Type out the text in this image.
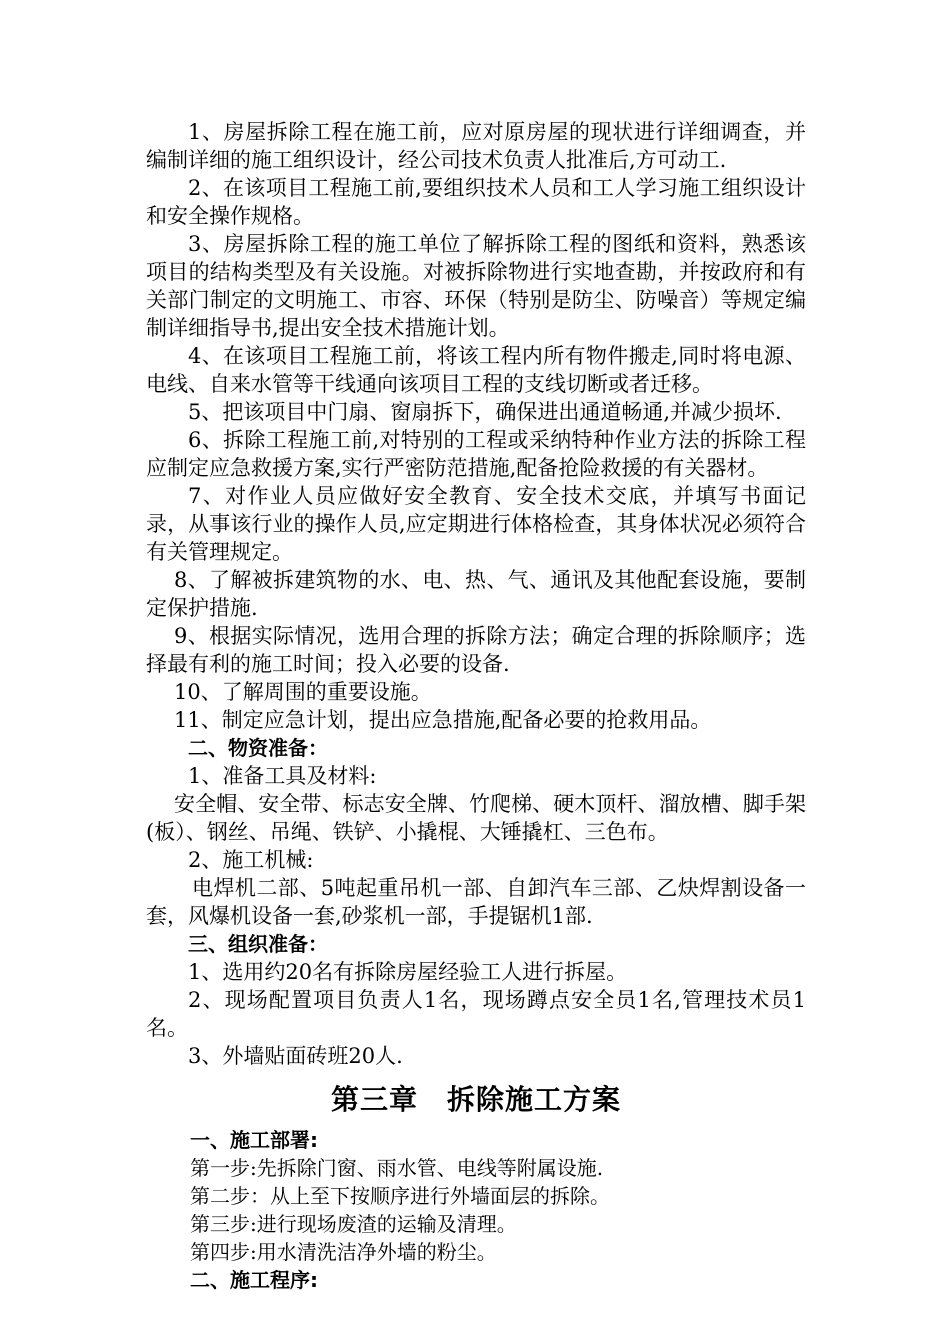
1、房屋拆除工程在施工前，应对原房屋的现状进行详细调查，并编制详细的施工组织设计，经公司技术负责人批准后,方可动工.

2、在该项目工程施工前,要组织技术人员和工人学习施工组织设计和安全操作规格。

3、房屋拆除工程的施工单位了解拆除工程的图纸和资料，熟悉该项目的结构类型及有关设施。对被拆除物进行实地查勘，并按政府和有关部门制定的文明施工、市容、环保（特别是防尘、防噪音）等规定编制详细指导书,提出安全技术措施计划。

4、在该项目工程施工前，将该工程内所有物件搬走,同时将电源、电线、自来水管等干线通向该项目工程的支线切断或者迁移。

5、把该项目中门扇、窗扇拆下，确保进出通道畅通,并减少损坏.

6、拆除工程施工前,对特别的工程或采纳特种作业方法的拆除工程应制定应急救援方案,实行严密防范措施,配备抢险救援的有关器材。

7、对作业人员应做好安全教育、安全技术交底，并填写书面记录，从事该行业的操作人员,应定期进行体格检查，其身体状况必须符合有关管理规定。

8、了解被拆建筑物的水、电、热、气、通讯及其他配套设施，要制定保护措施.

9、根据实际情况，选用合理的拆除方法；确定合理的拆除顺序；选择最有利的施工时间；投入必要的设备.

10、了解周围的重要设施。

11、制定应急计划，提出应急措施,配备必要的抢救用品。

二、物资准备：

1、准备工具及材料:

安全帽、安全带、标志安全牌、竹爬梯、硬木顶杆、溜放槽、脚手架(板）、钢丝、吊绳、铁铲、小撬棍、大锤撬杠、三色布。

2、施工机械:

电焊机二部、5吨起重吊机一部、自卸汽车三部、乙炔焊割设备一套，风爆机设备一套,砂浆机一部，手提锯机1部.

三、组织准备：

1、选用约20名有拆除房屋经验工人进行拆屋。

2、现场配置项目负责人1名，现场蹲点安全员1名,管理技术员1名。

3、外墙贴面砖班20人.

第三章　拆除施工方案

一、施工部署:

第一步:先拆除门窗、雨水管、电线等附属设施.

第二步：从上至下按顺序进行外墙面层的拆除。

第三步:进行现场废渣的运输及清理。

第四步:用水清洗洁净外墙的粉尘。

二、施工程序:
